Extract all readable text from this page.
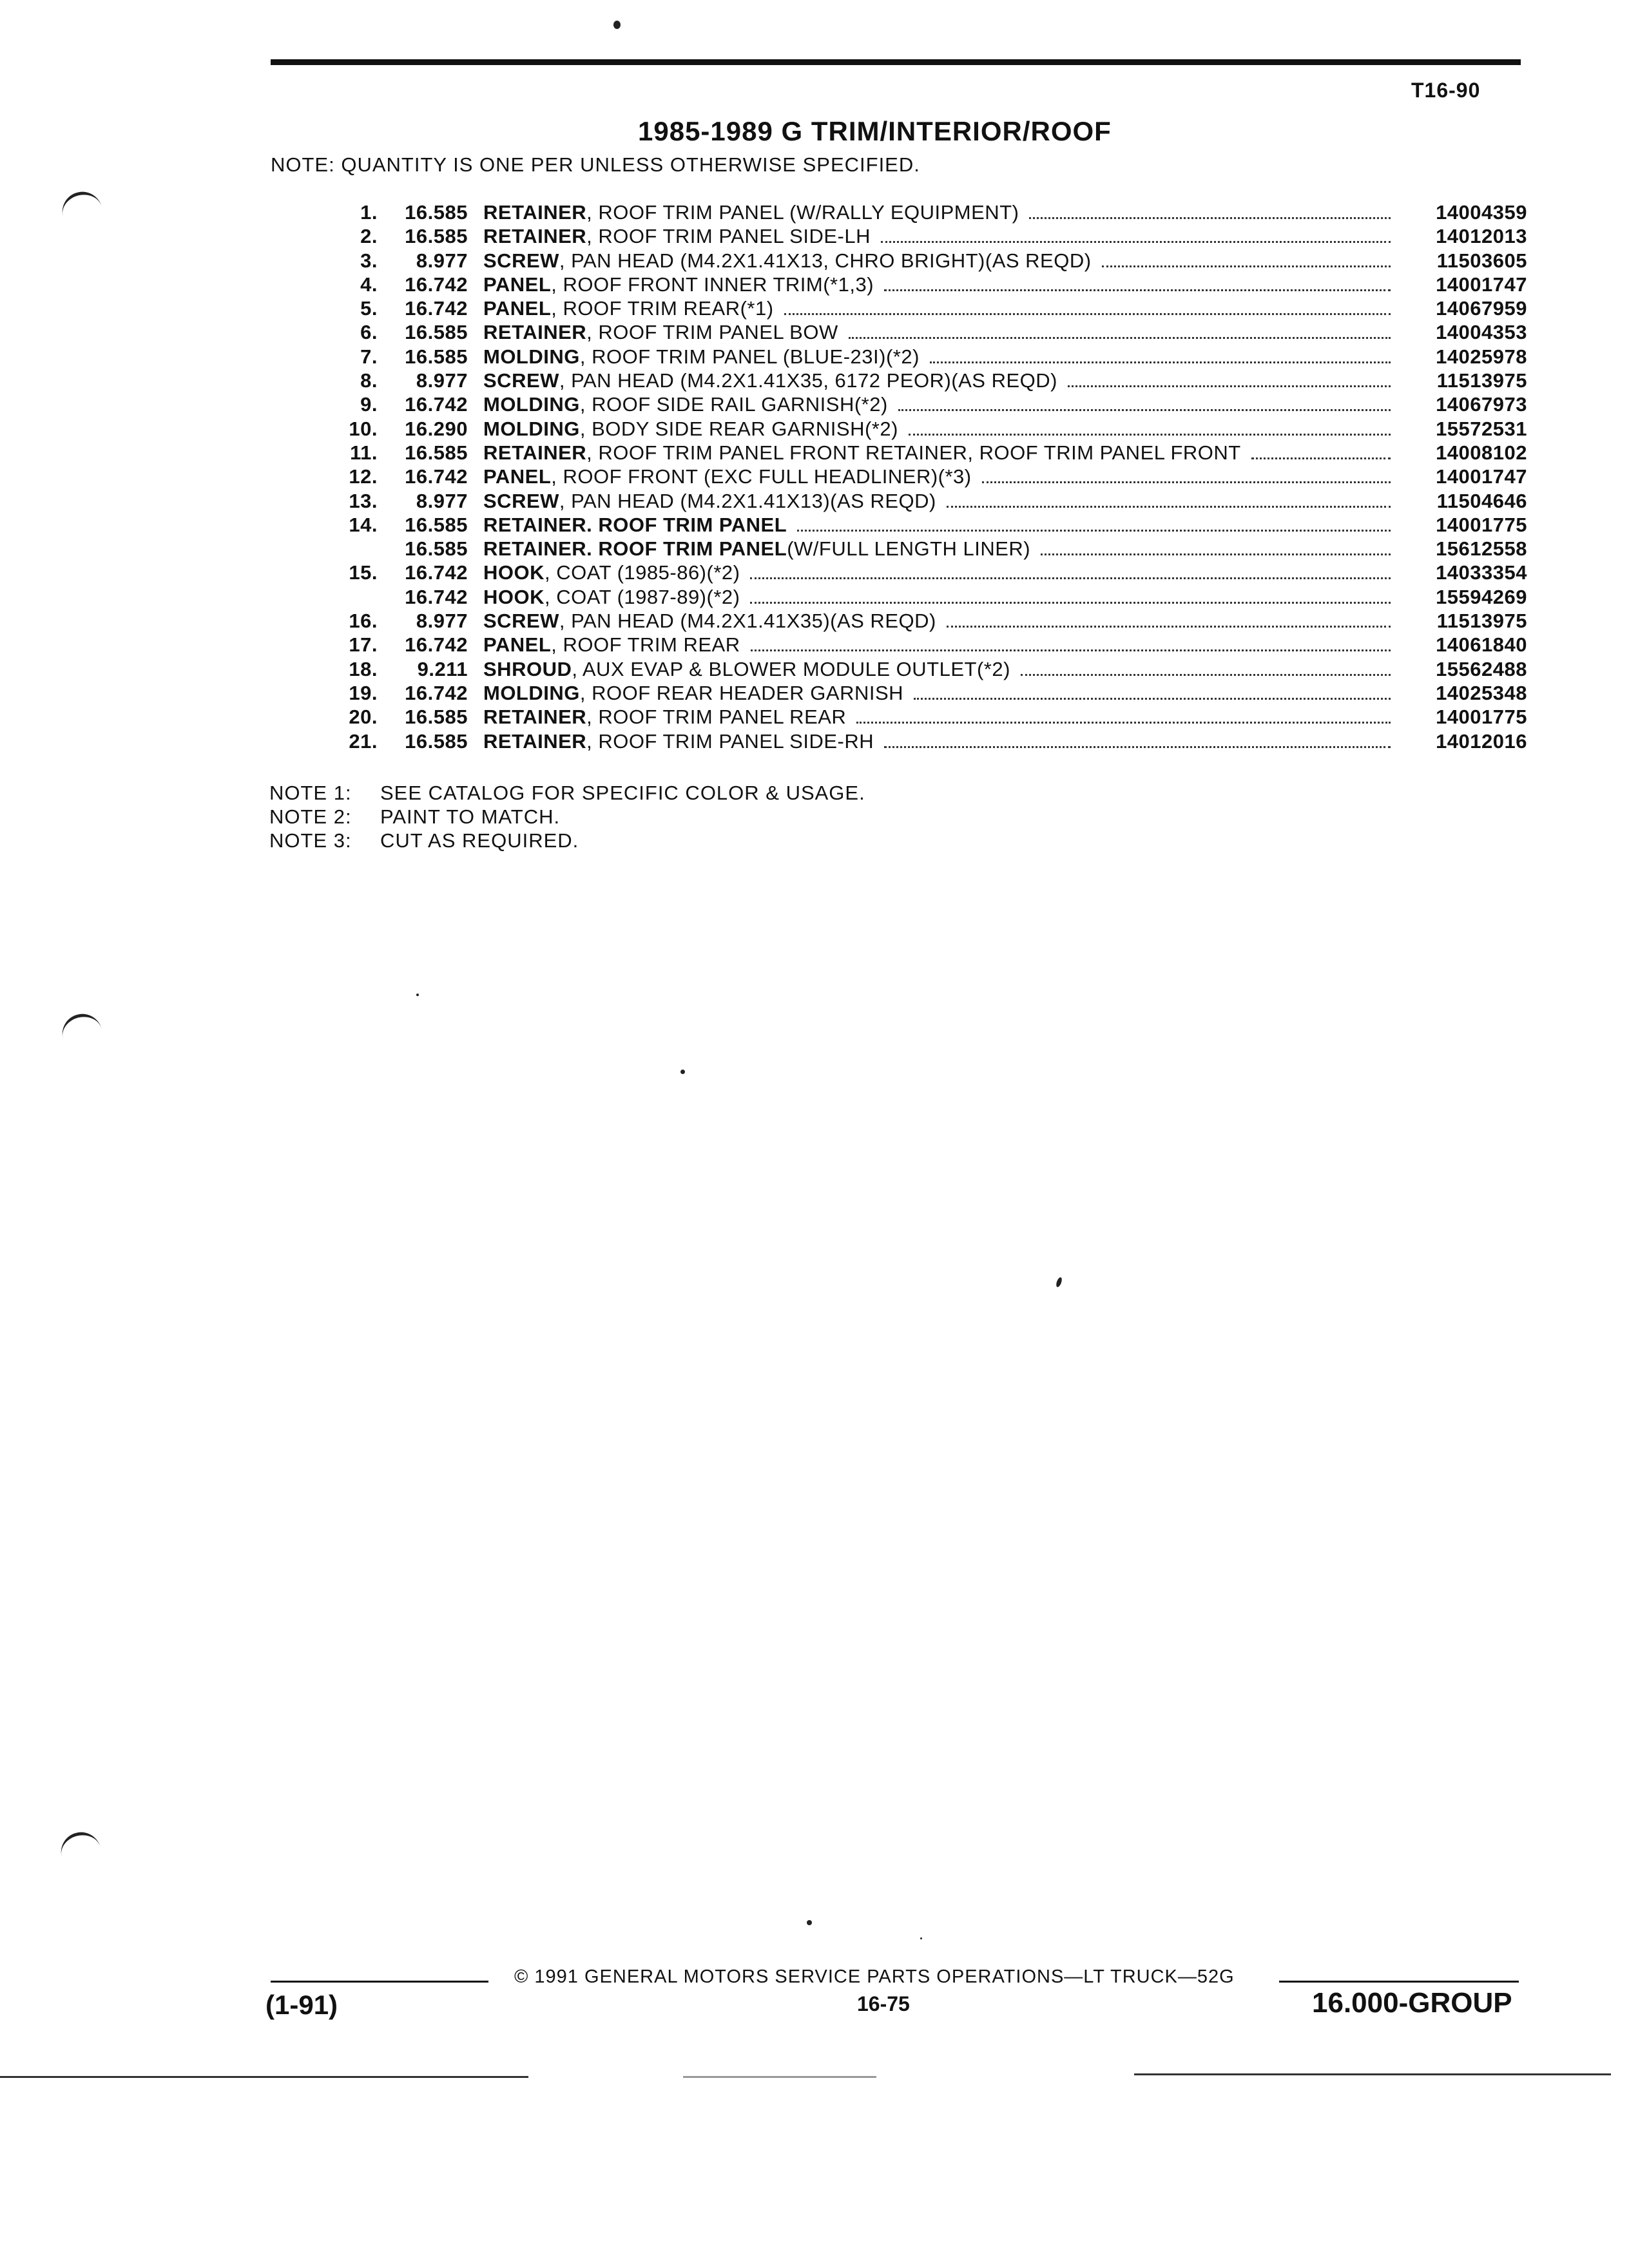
T16-90
1985-1989 G TRIM/INTERIOR/ROOF
NOTE: QUANTITY IS ONE PER UNLESS OTHERWISE SPECIFIED.
1.	16.585 RETAINER , ROOF TRIM PANEL (W/RALLY EQUIPMENT)	14004359
2.	16.585 RETAINER , ROOF TRIM PANEL SIDE-LH	14012013
3.	8.977 SCREW , PAN HEAD (M4.2X1.41X13, CHRO BRIGHT)(AS REQD)	11503605
4.	16.742 PANEL , ROOF FRONT INNER TRIM(*1,3)	14001747
5.	16.742 PANEL , ROOF TRIM REAR(*1)	14067959
6.	16.585 RETAINER , ROOF TRIM PANEL BOW	14004353
7.	16.585 MOLDING , ROOF TRIM PANEL (BLUE-23I)(*2)	14025978
8.	8.977 SCREW , PAN HEAD (M4.2X1.41X35, 6172 PEOR)(AS REQD)	11513975
9.	16.742 MOLDING , ROOF SIDE RAIL GARNISH(*2)	14067973
10.	16.290 MOLDING , BODY SIDE REAR GARNISH(*2)	15572531
11.	16.585 RETAINER , ROOF TRIM PANEL FRONT RETAINER, ROOF TRIM PANEL FRONT	14008102
12.	16.742 PANEL , ROOF FRONT (EXC FULL HEADLINER)(*3)	14001747
13.	8.977 SCREW , PAN HEAD (M4.2X1.41X13)(AS REQD)	11504646
14.	16.585 RETAINER. ROOF TRIM PANEL	14001775
16.585 RETAINER. ROOF TRIM PANEL (W/FULL LENGTH LINER)	15612558
15.	16.742 HOOK , COAT (1985-86)(*2)	14033354
16.742 HOOK , COAT (1987-89)(*2)	15594269
16.	8.977 SCREW , PAN HEAD (M4.2X1.41X35)(AS REQD)	11513975
17.	16.742 PANEL , ROOF TRIM REAR	14061840
18.	9.211 SHROUD , AUX EVAP & BLOWER MODULE OUTLET(*2)	15562488
19.	16.742 MOLDING , ROOF REAR HEADER GARNISH	14025348
20.	16.585 RETAINER , ROOF TRIM PANEL REAR	14001775
21.	16.585 RETAINER , ROOF TRIM PANEL SIDE-RH	14012016
NOTE 1:	SEE CATALOG FOR SPECIFIC COLOR & USAGE.
NOTE 2:	PAINT TO MATCH.
NOTE 3:	CUT AS REQUIRED.
© 1991 GENERAL MOTORS SERVICE PARTS OPERATIONS—LT TRUCK—52G
(1-91)	16-75	16.000-GROUP
